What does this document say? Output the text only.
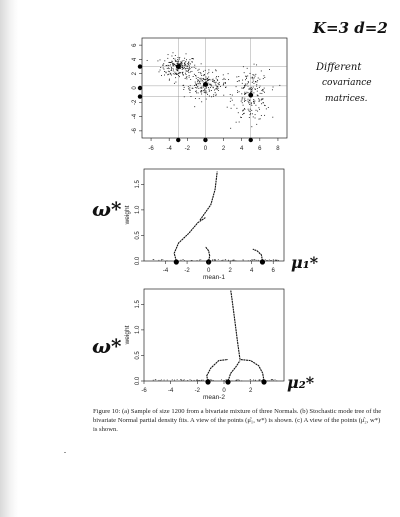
K=3 d=2
Different
covariance
matrices.
ω*
ω*
μ₁*
μ₂*
-6 -4 -2 0 2 4 6 8
6
4
2
0
-2
-4
-6
-4	-2	0	2	4	6
0.0
0.5
1.0
1.5
mean-1
weight
-6	-4	-2	0	2
0.0
0.5
1.0
1.5
mean-2
weight
Figure 10: (a) Sample of size 1200 from a bivariate mixture of three Normals. (b) Stochastic mode tree of the bivariate Normal partial density fits. A view of the points (μ̂₁, w*) is shown. (c) A view of the points (μ̂₂, w*) is shown.
